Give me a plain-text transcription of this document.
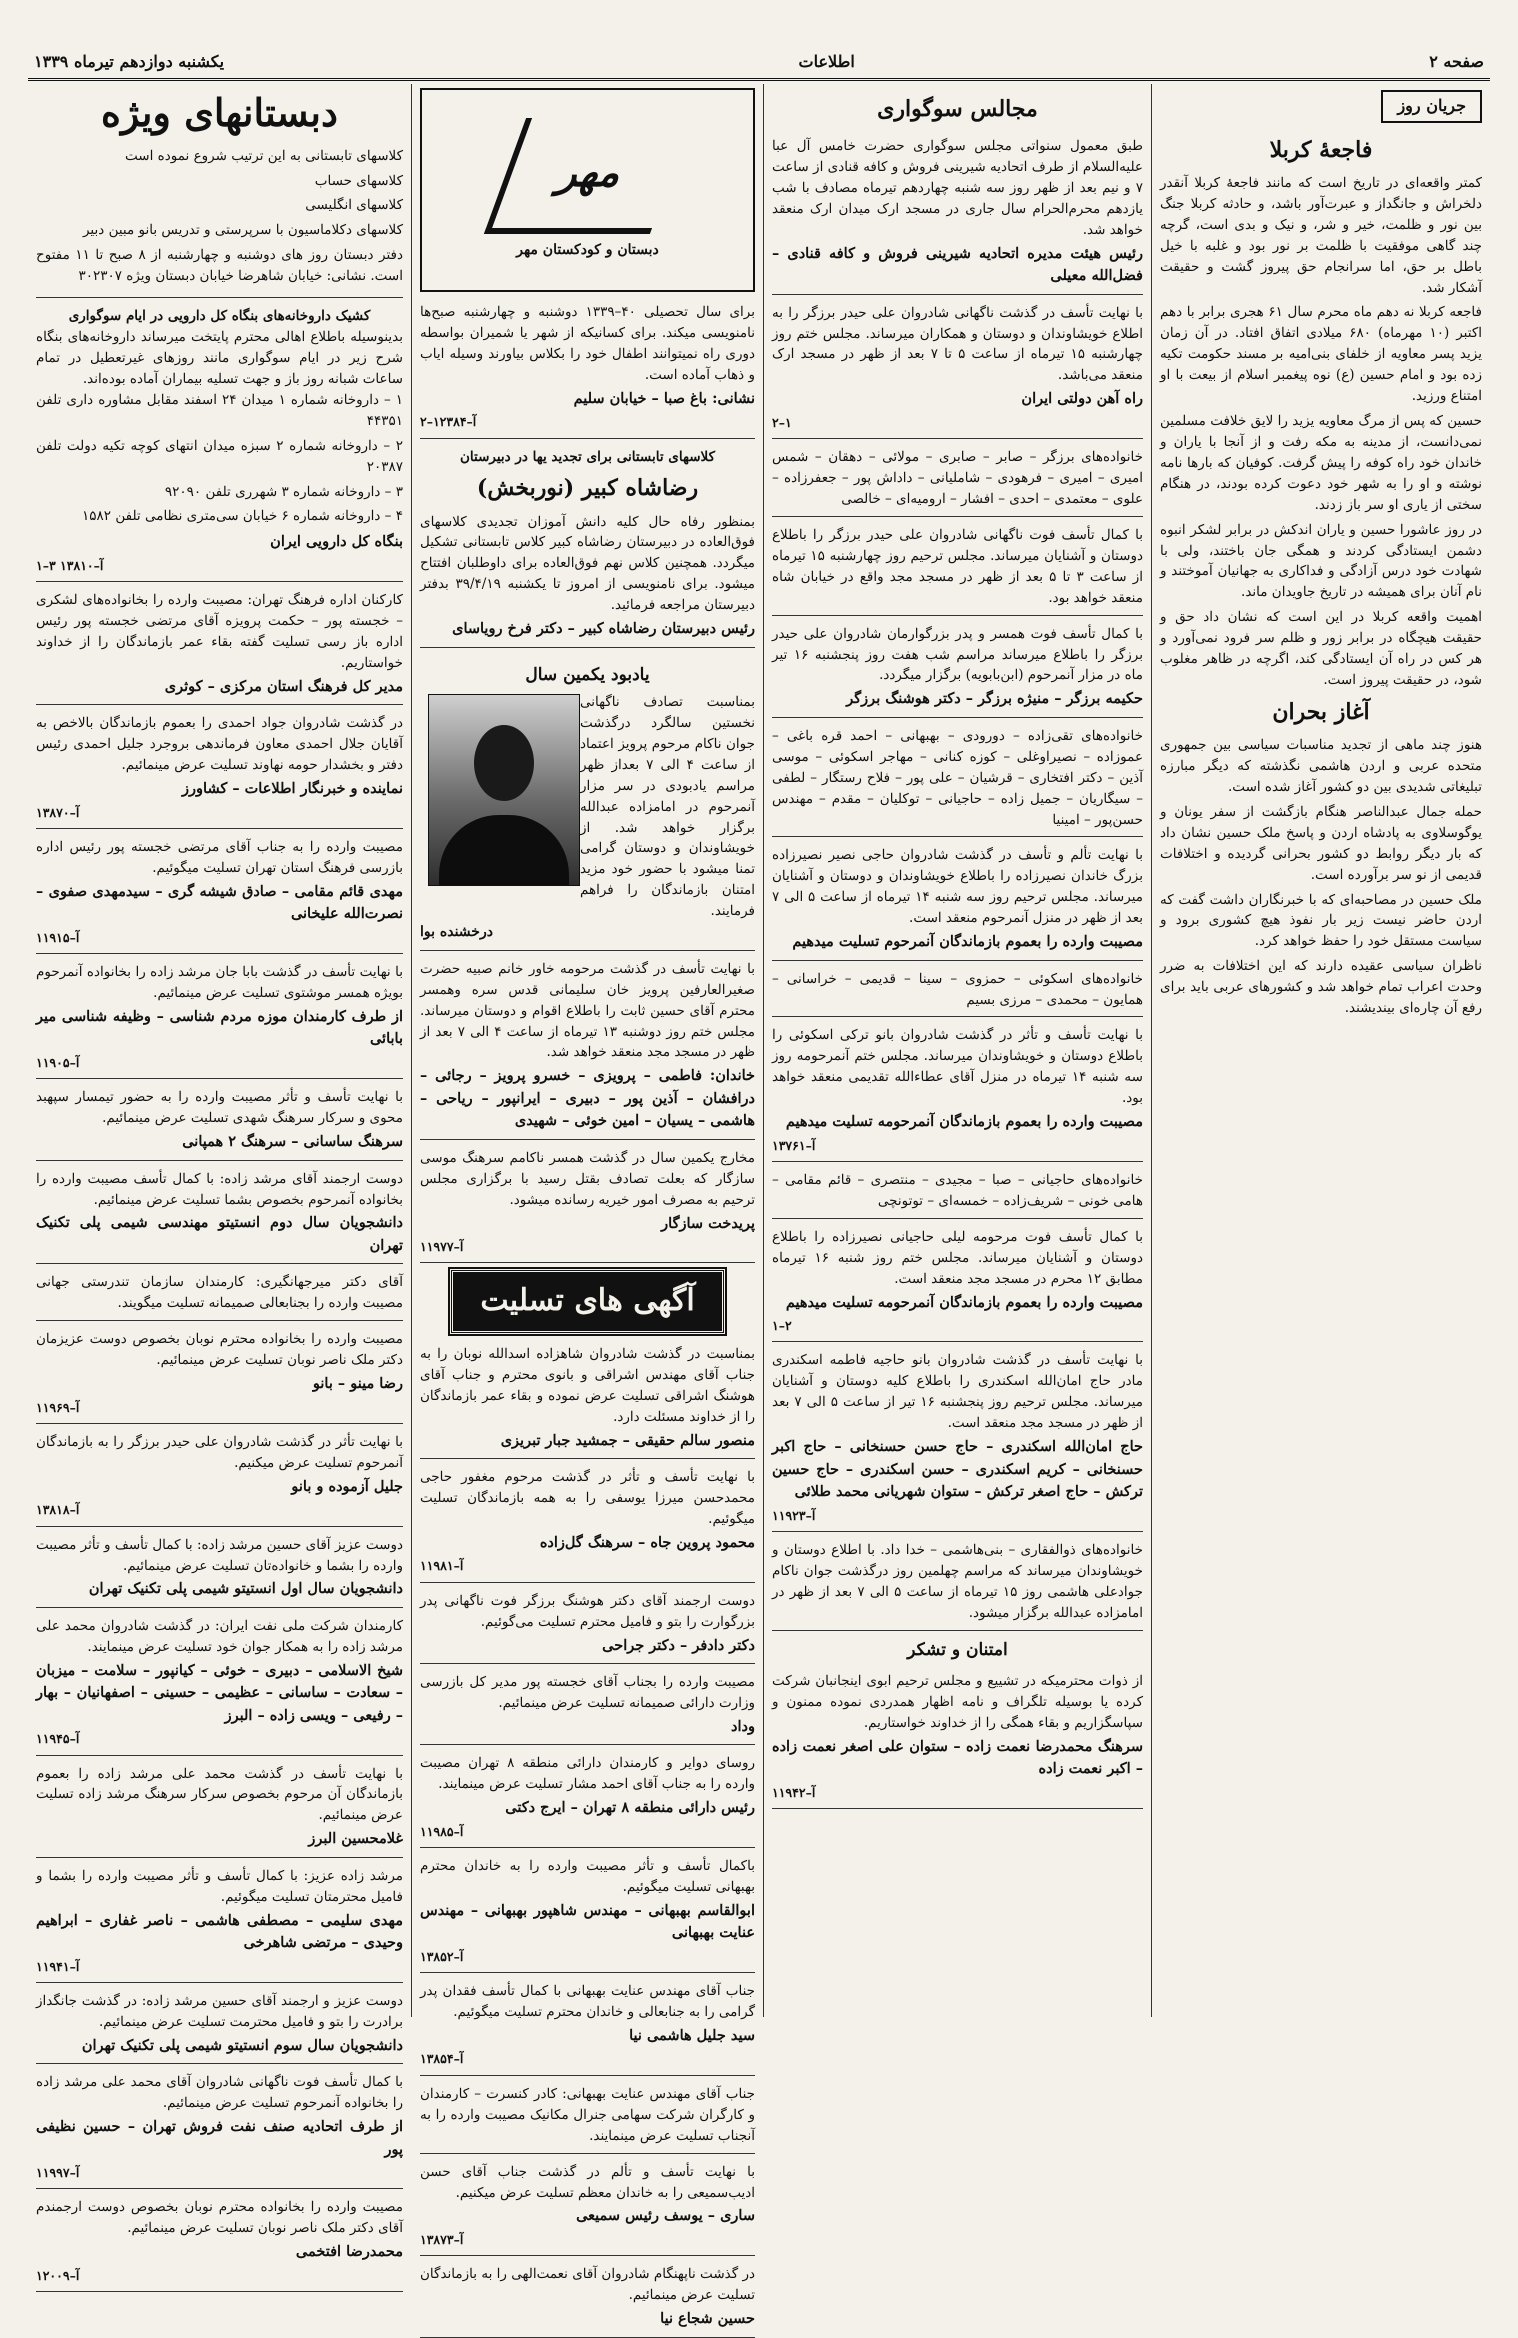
صفحه ۲
اطلاعات
یکشنبه دوازدهم تیرماه ۱۳۳۹
جریان روز
فاجعهٔ کربلا

کمتر واقعه‌ای در تاریخ است که مانند فاجعهٔ کربلا آنقدر دلخراش و جانگداز و عبرت‌آور باشد، و حادثه کربلا جنگ بین نور و ظلمت، خیر و شر، و نیک و بدی است، گرچه چند گاهی موفقیت با ظلمت بر نور بود و غلبه با خیل باطل بر حق، اما سرانجام حق پیروز گشت و حقیقت آشکار شد.

فاجعه کربلا نه دهم ماه محرم سال ۶۱ هجری برابر با دهم اکتبر (۱۰ مهرماه) ۶۸۰ میلادی اتفاق افتاد. در آن زمان یزید پسر معاویه از خلفای بنی‌امیه بر مسند حکومت تکیه زده بود و امام حسین (ع) نوه پیغمبر اسلام از بیعت با او امتناع ورزید.

حسین که پس از مرگ معاویه یزید را لایق خلافت مسلمین نمی‌دانست، از مدینه به مکه رفت و از آنجا با یاران و خاندان خود راه کوفه را پیش گرفت. کوفیان که بارها نامه نوشته و او را به شهر خود دعوت کرده بودند، در هنگام سختی از یاری او سر باز زدند.

در روز عاشورا حسین و یاران اندکش در برابر لشکر انبوه دشمن ایستادگی کردند و همگی جان باختند، ولی با شهادت خود درس آزادگی و فداکاری به جهانیان آموختند و نام آنان برای همیشه در تاریخ جاویدان ماند.

اهمیت واقعه کربلا در این است که نشان داد حق و حقیقت هیچگاه در برابر زور و ظلم سر فرود نمی‌آورد و هر کس در راه آن ایستادگی کند، اگرچه در ظاهر مغلوب شود، در حقیقت پیروز است.

آغاز بحران

هنوز چند ماهی از تجدید مناسبات سیاسی بین جمهوری متحده عربی و اردن هاشمی نگذشته که دیگر مبارزه تبلیغاتی شدیدی بین دو کشور آغاز شده است.

حمله جمال عبدالناصر هنگام بازگشت از سفر یونان و یوگوسلاوی به پادشاه اردن و پاسخ ملک حسین نشان داد که بار دیگر روابط دو کشور بحرانی گردیده و اختلافات قدیمی از نو سر برآورده است.

ملک حسین در مصاحبه‌ای که با خبرنگاران داشت گفت که اردن حاضر نیست زیر بار نفوذ هیچ کشوری برود و سیاست مستقل خود را حفظ خواهد کرد.

ناظران سیاسی عقیده دارند که این اختلافات به ضرر وحدت اعراب تمام خواهد شد و کشورهای عربی باید برای رفع آن چاره‌ای بیندیشند.

مجالس سوگواری

طبق معمول سنواتی مجلس سوگواری حضرت خامس آل عبا علیه‌السلام از طرف اتحادیه شیرینی فروش و کافه قنادی از ساعت ۷ و نیم بعد از ظهر روز سه شنبه چهاردهم تیرماه مصادف با شب یازدهم محرم‌الحرام سال جاری در مسجد ارک میدان ارک منعقد خواهد شد.

رئیس هیئت مدیره اتحادیه شیرینی فروش و کافه قنادی – فضل‌الله معیلی

با نهایت تأسف در گذشت ناگهانی شادروان علی حیدر برزگر را به اطلاع خویشاوندان و دوستان و همکاران میرساند. مجلس ختم روز چهارشنبه ۱۵ تیرماه از ساعت ۵ تا ۷ بعد از ظهر در مسجد ارک منعقد می‌باشد.

راه آهن دولتی ایران
۲–۱

خانواده‌های برزگر – صابر – صابری – مولائی – دهقان – شمس امیری – امیری – فرهودی – شاملیانی – داداش پور – جعفرزاده – علوی – معتمدی – احدی – افشار – ارومیه‌ای – خالصی

با کمال تأسف فوت ناگهانی شادروان علی حیدر برزگر را باطلاع دوستان و آشنایان میرساند. مجلس ترحیم روز چهارشنبه ۱۵ تیرماه از ساعت ۳ تا ۵ بعد از ظهر در مسجد مجد واقع در خیابان شاه منعقد خواهد بود.

با کمال تأسف فوت همسر و پدر بزرگوارمان شادروان علی حیدر برزگر را باطلاع میرساند مراسم شب هفت روز پنجشنبه ۱۶ تیر ماه در مزار آنمرحوم (ابن‌بابویه) برگزار میگردد.

حکیمه برزگر – منیژه برزگر – دکتر هوشنگ برزگر

خانواده‌های تقی‌زاده – دورودی – بهبهانی – احمد قره باغی – عموزاده – نصیراوغلی – کوزه کنانی – مهاجر اسکوئی – موسی آذین – دکتر افتخاری – قرشیان – علی پور – فلاح رستگار – لطفی – سیگاریان – جمیل زاده – حاجیانی – توکلیان – مقدم – مهندس حسن‌پور – امینیا

با نهایت تألم و تأسف در گذشت شادروان حاجی نصیر نصیرزاده بزرگ خاندان نصیرزاده را باطلاع خویشاوندان و دوستان و آشنایان میرساند. مجلس ترحیم روز سه شنبه ۱۴ تیرماه از ساعت ۵ الی ۷ بعد از ظهر در منزل آنمرحوم منعقد است.

مصیبت وارده را بعموم بازماندگان آنمرحوم تسلیت میدهیم

خانواده‌های اسکوئی – حمزوی – سینا – قدیمی – خراسانی – همایون – محمدی – مرزی بسیم

با نهایت تأسف و تأثر در گذشت شادروان بانو ترکی اسکوئی را باطلاع دوستان و خویشاوندان میرساند. مجلس ختم آنمرحومه روز سه شنبه ۱۴ تیرماه در منزل آقای عطاءالله تقدیمی منعقد خواهد بود.

مصیبت وارده را بعموم بازماندگان آنمرحومه تسلیت میدهیم
آ–۱۳۷۶۱

خانواده‌های حاجیانی – صبا – مجیدی – منتصری – قائم مقامی – هامی خونی – شریف‌زاده – خمسه‌ای – توتونچی

با کمال تأسف فوت مرحومه لیلی حاجیانی نصیرزاده را باطلاع دوستان و آشنایان میرساند. مجلس ختم روز شنبه ۱۶ تیرماه مطابق ۱۲ محرم در مسجد مجد منعقد است.

مصیبت وارده را بعموم بازماندگان آنمرحومه تسلیت میدهیم
۱–۲

با نهایت تأسف در گذشت شادروان بانو حاجیه فاطمه اسکندری مادر حاج امان‌الله اسکندری را باطلاع کلیه دوستان و آشنایان میرساند. مجلس ترحیم روز پنجشنبه ۱۶ تیر از ساعت ۵ الی ۷ بعد از ظهر در مسجد مجد منعقد است.

حاج امان‌الله اسکندری – حاج حسن حسنخانی – حاج اکبر حسنخانی – کریم اسکندری – حسن اسکندری – حاج حسین ترکش – حاج اصغر ترکش – ستوان شهریانی محمد طلائی
آ–۱۱۹۲۳

خانواده‌های ذوالفقاری – بنی‌هاشمی – خدا داد. با اطلاع دوستان و خویشاوندان میرساند که مراسم چهلمین روز درگذشت جوان ناکام جوادعلی هاشمی روز ۱۵ تیرماه از ساعت ۵ الی ۷ بعد از ظهر در امامزاده عبدالله برگزار میشود.

امتنان و تشکر

از ذوات محترمیکه در تشییع و مجلس ترحیم ابوی اینجانبان شرکت کرده یا بوسیله تلگراف و نامه اظهار همدردی نموده ممنون و سپاسگزاریم و بقاء همگی را از خداوند خواستاریم.

سرهنگ محمدرضا نعمت زاده – ستوان علی اصغر نعمت زاده – اکبر نعمت زاده
آ–۱۱۹۴۲
مهر
دبستان و کودکستان مهر

برای سال تحصیلی ۴۰–۱۳۳۹ دوشنبه و چهارشنبه صبح‌ها نامنویسی میکند. برای کسانیکه از شهر یا شمیران بواسطه دوری راه نمیتوانند اطفال خود را بکلاس بیاورند وسیله ایاب و ذهاب آماده است.

نشانی: باغ صبا – خیابان سلیم
آ–۱۲۳۸۴–۲
کلاسهای تابستانی برای تجدید یها در دبیرستان
رضاشاه کبیر (نوربخش)

بمنظور رفاه حال کلیه دانش آموزان تجدیدی کلاسهای فوق‌العاده در دبیرستان رضاشاه کبیر کلاس تابستانی تشکیل میگردد. همچنین کلاس نهم فوق‌العاده برای داوطلبان افتتاح میشود. برای نامنویسی از امروز تا یکشنبه ۳۹/۴/۱۹ بدفتر دبیرستان مراجعه فرمائید.

رئیس دبیرستان رضاشاه کبیر – دکتر فرخ رویاسای
یادبود یکمین سال

بمناسبت تصادف ناگهانی نخستین سالگرد درگذشت جوان ناکام مرحوم پرویز اعتماد از ساعت ۴ الی ۷ بعداز ظهر مراسم یادبودی در سر مزار آنمرحوم در امامزاده عبدالله برگزار خواهد شد. از خویشاوندان و دوستان گرامی تمنا میشود با حضور خود مزید امتنان بازماندگان را فراهم فرمایند.

درخشنده بوا

با نهایت تأسف در گذشت مرحومه خاور خانم صبیه حضرت صغیرالعارفین پرویز خان سلیمانی قدس سره وهمسر محترم آقای حسین ثابت را باطلاع اقوام و دوستان میرساند. مجلس ختم روز دوشنبه ۱۳ تیرماه از ساعت ۴ الی ۷ بعد از ظهر در مسجد مجد منعقد خواهد شد.

خاندان: فاطمی – پرویزی – خسرو پرویز – رجائی – درافشان – آذین پور – دبیری – ایرانپور – ریاحی – هاشمی – یسیان – امین خوئی – شهیدی

مخارج یکمین سال در گذشت همسر ناکامم سرهنگ موسی سازگار که بعلت تصادف بقتل رسید با برگزاری مجلس ترحیم به مصرف امور خیریه رسانده میشود.

پریدخت سازگار
آ–۱۱۹۷۷
آگهی های تسلیت

بمناسبت در گذشت شادروان شاهزاده اسدالله نوبان را به جناب آقای مهندس اشراقی و بانوی محترم و جناب آقای هوشنگ اشراقی تسلیت عرض نموده و بقاء عمر بازماندگان را از خداوند مسئلت دارد.

منصور سالم حقیقی – جمشید جبار تبریزی

با نهایت تأسف و تأثر در گذشت مرحوم مغفور حاجی محمدحسن میرزا یوسفی را به همه بازماندگان تسلیت میگوئیم.

محمود پروین جاه – سرهنگ گل‌زاده
آ–۱۱۹۸۱

دوست ارجمند آقای دکتر هوشنگ برزگر فوت ناگهانی پدر بزرگوارت را بتو و فامیل محترم تسلیت می‌گوئیم.

دکتر دادفر – دکتر جراحی

مصیبت وارده را بجناب آقای خجسته پور مدیر کل بازرسی وزارت دارائی صمیمانه تسلیت عرض مینمائیم.

وداد

روسای دوایر و کارمندان دارائی منطقه ۸ تهران مصیبت وارده را به جناب آقای احمد مشار تسلیت عرض مینمایند.

رئیس دارائی منطقه ۸ تهران – ایرج دکتی
آ–۱۱۹۸۵

باکمال تأسف و تأثر مصیبت وارده را به خاندان محترم بهبهانی تسلیت میگوئیم.

ابوالقاسم بهبهانی – مهندس شاهپور بهبهانی – مهندس عنایت بهبهانی
آ–۱۳۸۵۲

جناب آقای مهندس عنایت بهبهانی با کمال تأسف فقدان پدر گرامی را به جنابعالی و خاندان محترم تسلیت میگوئیم.

سید جلیل هاشمی نیا
آ–۱۳۸۵۴

جناب آقای مهندس عنایت بهبهانی: کادر کنسرت – کارمندان و کارگران شرکت سهامی جنرال مکانیک مصیبت وارده را به آنجناب تسلیت عرض مینمایند.

با نهایت تأسف و تألم در گذشت جناب آقای حسن ادیب‌سمیعی را به خاندان معظم تسلیت عرض میکنیم.

ساری – یوسف رئیس سمیعی
آ–۱۳۸۷۳

در گذشت ناپهنگام شادروان آقای نعمت‌الهی را به بازماندگان تسلیت عرض مینمائیم.

حسین شجاع نیا
دبستانهای ویژه

کلاسهای تابستانی به این ترتیب شروع نموده است

کلاسهای حساب

کلاسهای انگلیسی

کلاسهای دکلاماسیون با سرپرستی و تدریس بانو مبین دبیر

دفتر دبستان روز های دوشنبه و چهارشنبه از ۸ صبح تا ۱۱ مفتوح است. نشانی: خیابان شاهرضا خیابان دبستان ویژه ۳۰۲۳۰۷

کشیک داروخانه‌های بنگاه کل دارویی در ایام سوگواری

بدینوسیله باطلاع اهالی محترم پایتخت میرساند داروخانه‌های بنگاه شرح زیر در ایام سوگواری مانند روزهای غیرتعطیل در تمام ساعات شبانه روز باز و جهت تسلیه بیماران آماده بوده‌اند.

۱ – داروخانه شماره ۱ میدان ۲۴ اسفند مقابل مشاوره داری تلفن ۴۴۳۵۱

۲ – داروخانه شماره ۲ سبزه میدان انتهای کوچه تکیه دولت تلفن ۲۰۳۸۷

۳ – داروخانه شماره ۳ شهرری تلفن ۹۲۰۹۰

۴ – داروخانه شماره ۶ خیابان سی‌متری نظامی تلفن ۱۵۸۲

بنگاه کل دارویی ایران
آ–۱۳۸۱۰ ۳–۱

کارکنان اداره فرهنگ تهران: مصیبت وارده را بخانواده‌های لشکری – خجسته پور – حکمت پرویزه آقای مرتضی خجسته پور رئیس اداره باز رسی تسلیت گفته بقاء عمر بازماندگان را از خداوند خواستاریم.

مدیر کل فرهنگ استان مرکزی – کوثری

در گذشت شادروان جواد احمدی را بعموم بازماندگان بالاخص به آقایان جلال احمدی معاون فرماندهی بروجرد جلیل احمدی رئیس دفتر و بخشدار حومه نهاوند تسلیت عرض مینمائیم.

نماینده و خبرنگار اطلاعات – کشاورز
آ–۱۳۸۷۰

مصیبت وارده را به جناب آقای مرتضی خجسته پور رئیس اداره بازرسی فرهنگ استان تهران تسلیت میگوئیم.

مهدی قائم مقامی – صادق شیشه گری – سیدمهدی صفوی – نصرت‌الله علیخانی
آ–۱۱۹۱۵

با نهایت تأسف در گذشت بابا جان مرشد زاده را بخانواده آنمرحوم بویژه همسر موشتوی تسلیت عرض مینمائیم.

از طرف کارمندان موزه مردم شناسی – وظیفه شناسی میر بابائی
آ–۱۱۹۰۵

با نهایت تأسف و تأثر مصیبت وارده را به حضور تیمسار سپهبد محوی و سرکار سرهنگ شهدی تسلیت عرض مینمائیم.

سرهنگ ساسانی – سرهنگ ۲ همپانی

دوست ارجمند آقای مرشد زاده: با کمال تأسف مصیبت وارده را بخانواده آنمرحوم بخصوص بشما تسلیت عرض مینمائیم.

دانشجویان سال دوم انستیتو مهندسی شیمی پلی تکنیک تهران

آقای دکتر میرجهانگیری: کارمندان سازمان تندرستی جهانی مصیبت وارده را بجنابعالی صمیمانه تسلیت میگویند.

مصیبت وارده را بخانواده محترم نوبان بخصوص دوست عزیزمان دکتر ملک ناصر نوبان تسلیت عرض مینمائیم.

رضا مینو – بانو
آ–۱۱۹۶۹

با نهایت تأثر در گذشت شادروان علی حیدر برزگر را به بازماندگان آنمرحوم تسلیت عرض میکنیم.

جلیل آزموده و بانو
آ–۱۳۸۱۸

دوست عزیز آقای حسین مرشد زاده: با کمال تأسف و تأثر مصیبت وارده را بشما و خانواده‌تان تسلیت عرض مینمائیم.

دانشجویان سال اول انستیتو شیمی پلی تکنیک تهران

کارمندان شرکت ملی نفت ایران: در گذشت شادروان محمد علی مرشد زاده را به همکار جوان خود تسلیت عرض مینمایند.

شیخ الاسلامی – دبیری – خوئی – کیانپور – سلامت – میزبان – سعادت – ساسانی – عظیمی – حسینی – اصفهانیان – بهار – رفیعی – ویسی زاده – البرز
آ–۱۱۹۴۵

با نهایت تأسف در گذشت محمد علی مرشد زاده را بعموم بازماندگان آن مرحوم بخصوص سرکار سرهنگ مرشد زاده تسلیت عرض مینمائیم.

غلامحسین البرز

مرشد زاده عزیز: با کمال تأسف و تأثر مصیبت وارده را بشما و فامیل محترمتان تسلیت میگوئیم.

مهدی سلیمی – مصطفی هاشمی – ناصر غفاری – ابراهیم وحیدی – مرتضی شاهرخی
آ–۱۱۹۴۱

دوست عزیز و ارجمند آقای حسین مرشد زاده: در گذشت جانگداز برادرت را بتو و فامیل محترمت تسلیت عرض مینمائیم.

دانشجویان سال سوم انستیتو شیمی پلی تکنیک تهران

با کمال تأسف فوت ناگهانی شادروان آقای محمد علی مرشد زاده را بخانواده آنمرحوم تسلیت عرض مینمائیم.

از طرف اتحادیه صنف نفت فروش تهران – حسین نظیفی پور
آ–۱۱۹۹۷

مصیبت وارده را بخانواده محترم نوبان بخصوص دوست ارجمندم آقای دکتر ملک ناصر نوبان تسلیت عرض مینمائیم.

محمدرضا افتخمی
آ–۱۲۰۰۹
